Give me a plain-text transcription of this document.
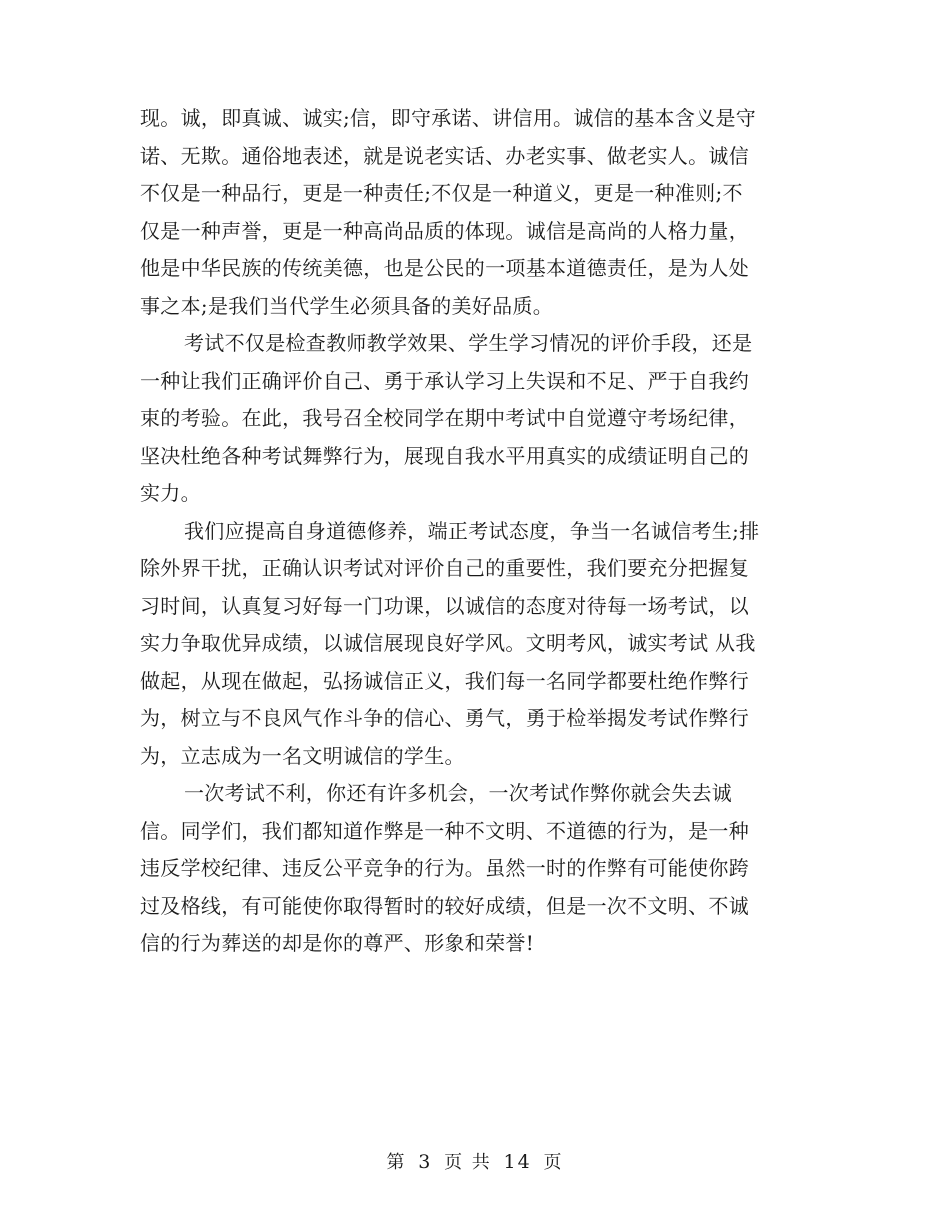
现。诚，即真诚、诚实;信，即守承诺、讲信用。诚信的基本含义是守
诺、无欺。通俗地表述，就是说老实话、办老实事、做老实人。诚信
不仅是一种品行，更是一种责任;不仅是一种道义，更是一种准则;不
仅是一种声誉，更是一种高尚品质的体现。诚信是高尚的人格力量，
他是中华民族的传统美德，也是公民的一项基本道德责任，是为人处
事之本;是我们当代学生必须具备的美好品质。
考试不仅是检查教师教学效果、学生学习情况的评价手段，还是
一种让我们正确评价自己、勇于承认学习上失误和不足、严于自我约
束的考验。在此，我号召全校同学在期中考试中自觉遵守考场纪律，
坚决杜绝各种考试舞弊行为，展现自我水平用真实的成绩证明自己的
实力。
我们应提高自身道德修养，端正考试态度，争当一名诚信考生;排
除外界干扰，正确认识考试对评价自己的重要性，我们要充分把握复
习时间，认真复习好每一门功课，以诚信的态度对待每一场考试，以
实力争取优异成绩，以诚信展现良好学风。文明考风，诚实考试 从我
做起，从现在做起，弘扬诚信正义，我们每一名同学都要杜绝作弊行
为，树立与不良风气作斗争的信心、勇气，勇于检举揭发考试作弊行
为，立志成为一名文明诚信的学生。
一次考试不利，你还有许多机会，一次考试作弊你就会失去诚
信。同学们，我们都知道作弊是一种不文明、不道德的行为，是一种
违反学校纪律、违反公平竞争的行为。虽然一时的作弊有可能使你跨
过及格线，有可能使你取得暂时的较好成绩，但是一次不文明、不诚
信的行为葬送的却是你的尊严、形象和荣誉!
第 3 页 共 14 页
